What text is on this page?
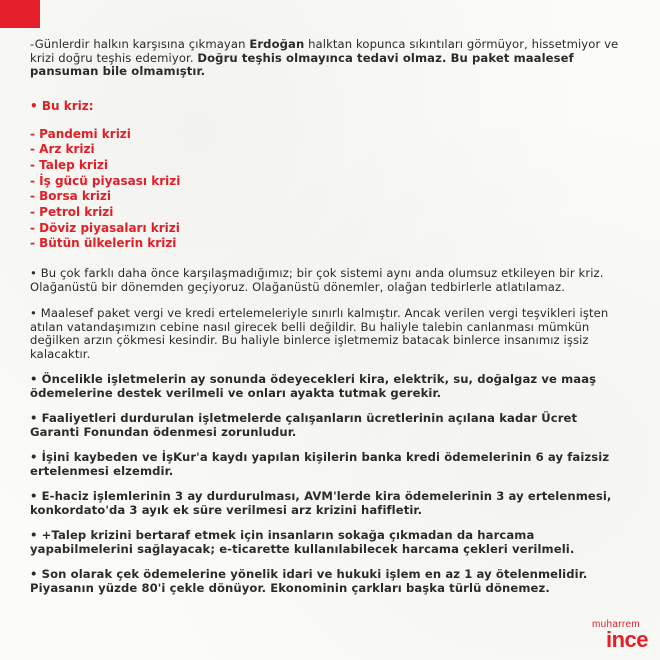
-Günlerdir halkın karşısına çıkmayan Erdoğan halktan kopunca sıkıntıları görmüyor, hissetmiyor ve krizi doğru teşhis edemiyor. Doğru teşhis olmayınca tedavi olmaz. Bu paket maalesef pansuman bile olmamıştır.

• Bu kriz:
- Pandemi krizi
- Arz krizi
- Talep krizi
- İş gücü piyasası krizi
- Borsa krizi
- Petrol krizi
- Döviz piyasaları krizi
- Bütün ülkelerin krizi

• Bu çok farklı daha önce karşılaşmadığımız; bir çok sistemi aynı anda olumsuz etkileyen bir kriz. Olağanüstü bir dönemden geçiyoruz. Olağanüstü dönemler, olağan tedbirlerle atlatılamaz.

• Maalesef paket vergi ve kredi ertelemeleriyle sınırlı kalmıştır. Ancak verilen vergi teşvikleri işten atılan vatandaşımızın cebine nasıl girecek belli değildir. Bu haliyle talebin canlanması mümkün değilken arzın çökmesi kesindir. Bu haliyle binlerce işletmemiz batacak binlerce insanımız işsiz kalacaktır.

• Öncelikle işletmelerin ay sonunda ödeyecekleri kira, elektrik, su, doğalgaz ve maaş ödemelerine destek verilmeli ve onları ayakta tutmak gerekir.

• Faaliyetleri durdurulan işletmelerde çalışanların ücretlerinin açılana kadar Ücret Garanti Fonundan ödenmesi zorunludur.

• İşini kaybeden ve İşKur'a kaydı yapılan kişilerin banka kredi ödemelerinin 6 ay faizsiz ertelenmesi elzemdir.

• E-haciz işlemlerinin 3 ay durdurulması, AVM'lerde kira ödemelerinin 3 ay ertelenmesi, konkordato'da 3 ayık ek süre verilmesi arz krizini hafifletir.

• +Talep krizini bertaraf etmek için insanların sokağa çıkmadan da harcama yapabilmelerini sağlayacak; e-ticarette kullanılabilecek harcama çekleri verilmeli.

• Son olarak çek ödemelerine yönelik idari ve hukuki işlem en az 1 ay ötelenmelidir. Piyasanın yüzde 80'i çekle dönüyor. Ekonominin çarkları başka türlü dönemez.

muharrem
ince
